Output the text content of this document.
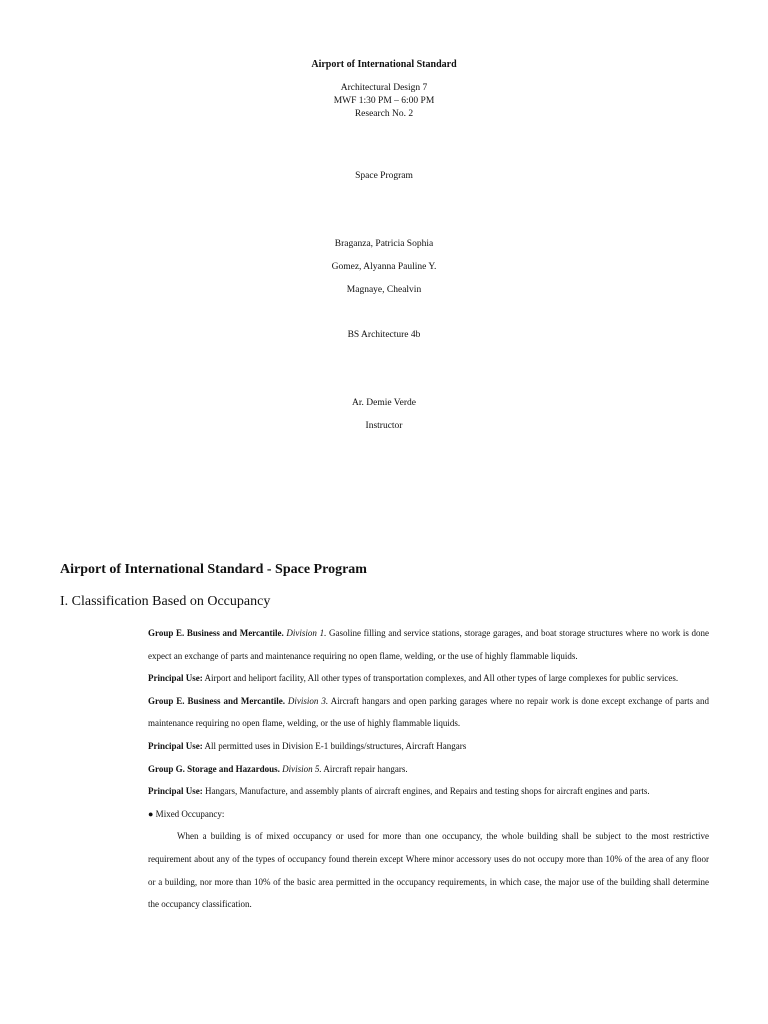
Airport of International Standard
Architectural Design 7
MWF 1:30 PM – 6:00 PM
Research No. 2
Space Program
Braganza, Patricia Sophia
Gomez, Alyanna Pauline Y.
Magnaye, Chealvin
BS Architecture 4b
Ar. Demie Verde
Instructor
Airport of International Standard - Space Program
I. Classification Based on Occupancy

Group E. Business and Mercantile. Division 1. Gasoline filling and service stations, storage garages, and boat storage structures where no work is done expect an exchange of parts and maintenance requiring no open flame, welding, or the use of highly flammable liquids.

Principal Use: Airport and heliport facility, All other types of transportation complexes, and All other types of large complexes for public services.

Group E. Business and Mercantile. Division 3. Aircraft hangars and open parking garages where no repair work is done except exchange of parts and maintenance requiring no open flame, welding, or the use of highly flammable liquids.

Principal Use: All permitted uses in Division E-1 buildings/structures, Aircraft Hangars

Group G. Storage and Hazardous. Division 5. Aircraft repair hangars.

Principal Use: Hangars, Manufacture, and assembly plants of aircraft engines, and Repairs and testing shops for aircraft engines and parts.

● Mixed Occupancy:

When a building is of mixed occupancy or used for more than one occupancy, the whole building shall be subject to the most restrictive requirement about any of the types of occupancy found therein except Where minor accessory uses do not occupy more than 10% of the area of any floor or a building, nor more than 10% of the basic area permitted in the occupancy requirements, in which case, the major use of the building shall determine the occupancy classification.
